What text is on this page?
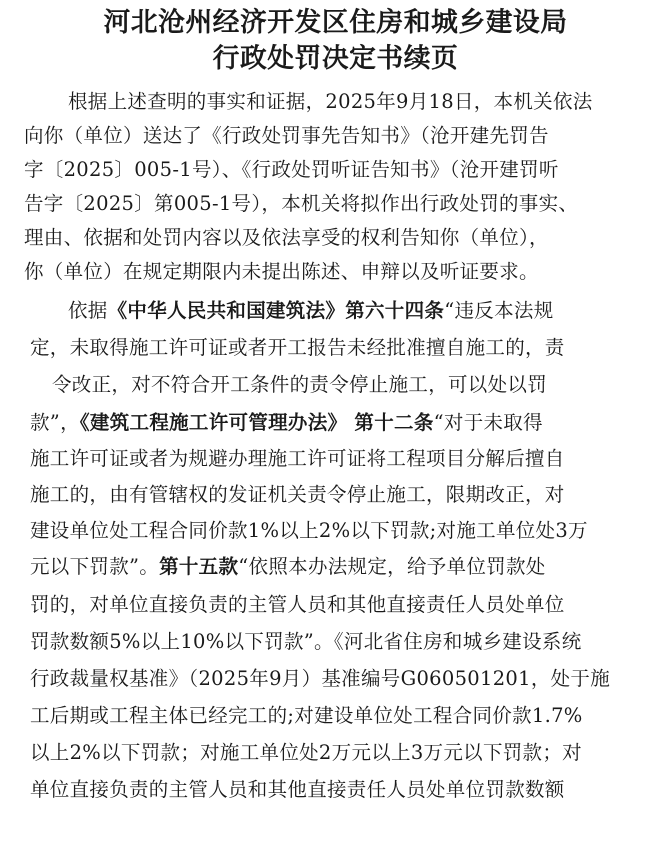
河北沧州经济开发区住房和城乡建设局
行政处罚决定书续页
根据上述查明的事实和证据，2025年9月18日，本机关依法
向你（单位）送达了《行政处罚事先告知书》（沧开建先罚告
字〔2025〕005-1号）、《行政处罚听证告知书》（沧开建罚听
告字〔2025〕第005-1号），本机关将拟作出行政处罚的事实、
理由、依据和处罚内容以及依法享受的权利告知你（单位），
你（单位）在规定期限内未提出陈述、申辩以及听证要求。
依据《中华人民共和国建筑法》第六十四条“违反本法规
定，未取得施工许可证或者开工报告未经批准擅自施工的，责
令改正，对不符合开工条件的责令停止施工，可以处以罚
款”，《建筑工程施工许可管理办法》 第十二条“对于未取得
施工许可证或者为规避办理施工许可证将工程项目分解后擅自
施工的，由有管辖权的发证机关责令停止施工，限期改正，对
建设单位处工程合同价款1%以上2%以下罚款;对施工单位处3万
元以下罚款”。第十五款“依照本办法规定，给予单位罚款处
罚的，对单位直接负责的主管人员和其他直接责任人员处单位
罚款数额5%以上10%以下罚款”。《河北省住房和城乡建设系统
行政裁量权基准》（2025年9月）基准编号G060501201，处于施
工后期或工程主体已经完工的;对建设单位处工程合同价款1.7%
以上2%以下罚款；对施工单位处2万元以上3万元以下罚款；对
单位直接负责的主管人员和其他直接责任人员处单位罚款数额
